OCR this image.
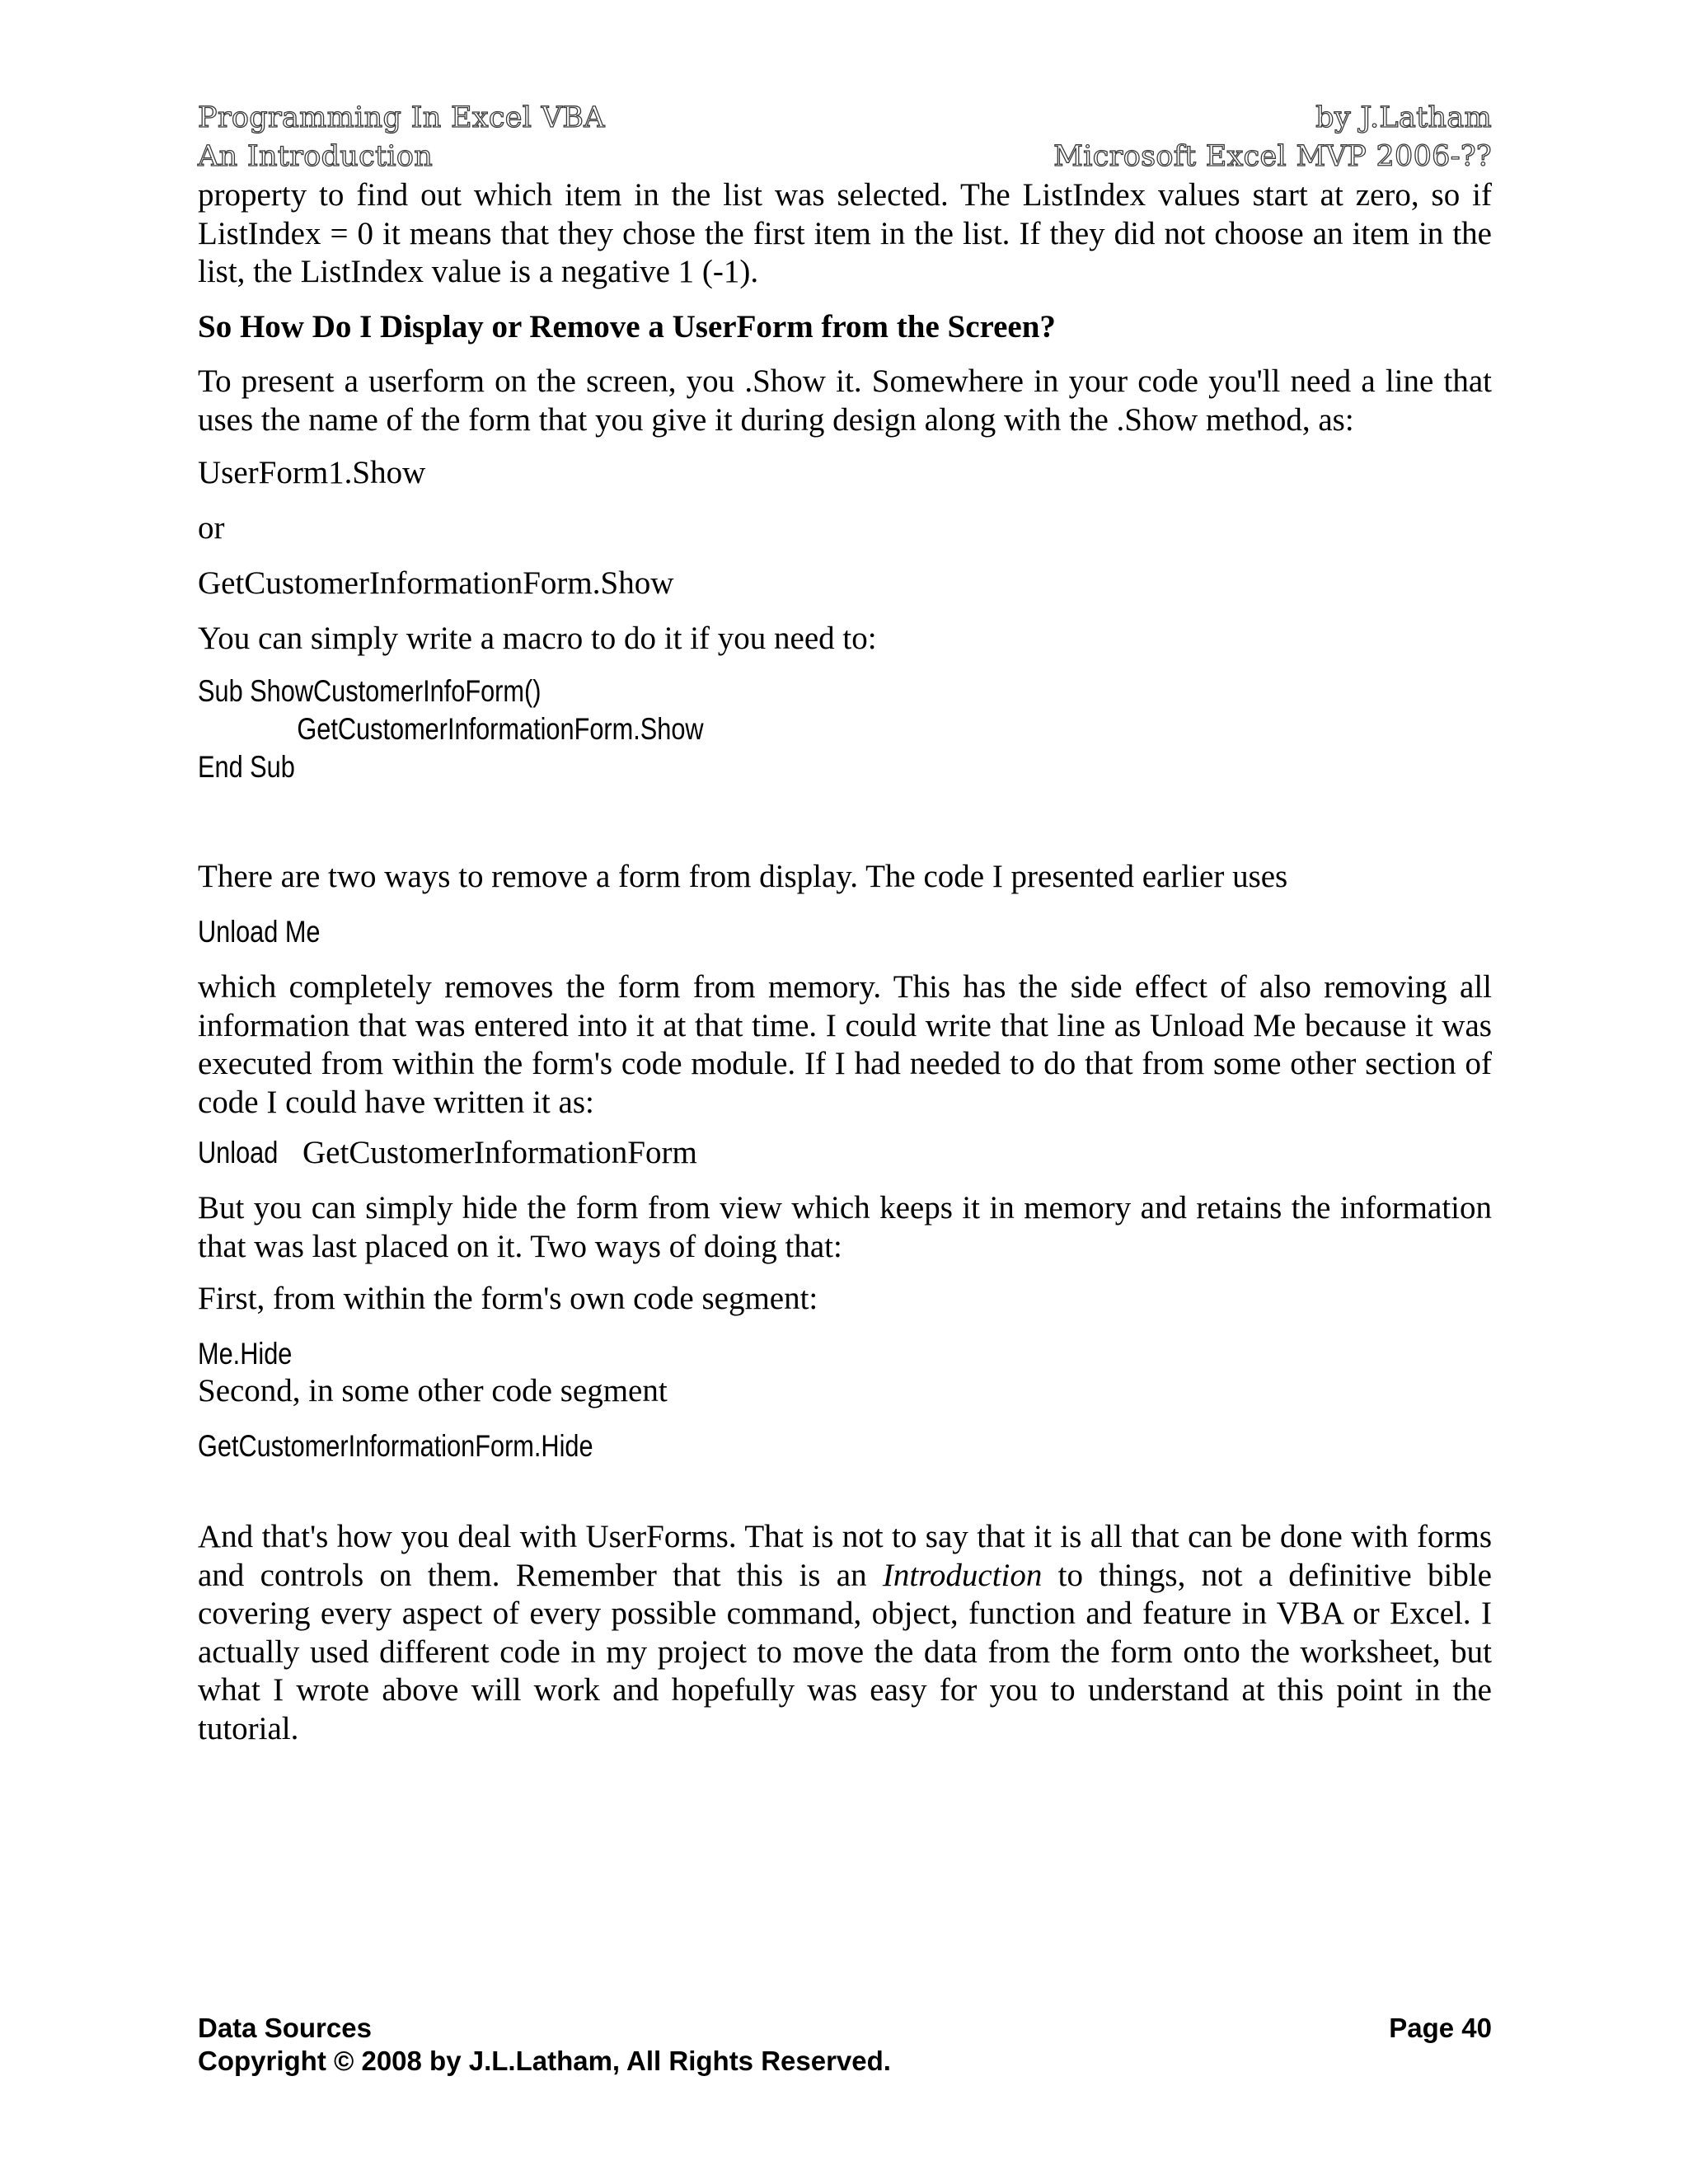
Programming In Excel VBA	by J.Latham
An Introduction	Microsoft Excel MVP 2006-??

property to find out which item in the list was selected. The ListIndex values start at zero, so if ListIndex = 0 it means that they chose the first item in the list. If they did not choose an item in the list, the ListIndex value is a negative 1 (-1).

So How Do I Display or Remove a UserForm from the Screen?

To present a userform on the screen, you .Show it. Somewhere in your code you'll need a line that uses the name of the form that you give it during design along with the .Show method, as:

UserForm1.Show

or

GetCustomerInformationForm.Show

You can simply write a macro to do it if you need to:

Sub ShowCustomerInfoForm()
GetCustomerInformationForm.Show
End Sub

There are two ways to remove a form from display. The code I presented earlier uses

Unload Me

which completely removes the form from memory. This has the side effect of also removing all information that was entered into it at that time. I could write that line as Unload Me because it was executed from within the form's code module. If I had needed to do that from some other section of code I could have written it as:

Unload GetCustomerInformationForm

But you can simply hide the form from view which keeps it in memory and retains the information that was last placed on it. Two ways of doing that:

First, from within the form's own code segment:

Me.Hide

Second, in some other code segment

GetCustomerInformationForm.Hide

And that's how you deal with UserForms. That is not to say that it is all that can be done with forms and controls on them. Remember that this is an Introduction to things, not a definitive bible covering every aspect of every possible command, object, function and feature in VBA or Excel. I actually used different code in my project to move the data from the form onto the worksheet, but what I wrote above will work and hopefully was easy for you to understand at this point in the tutorial.

Data Sources	Page 40
Copyright © 2008 by J.L.Latham, All Rights Reserved.
